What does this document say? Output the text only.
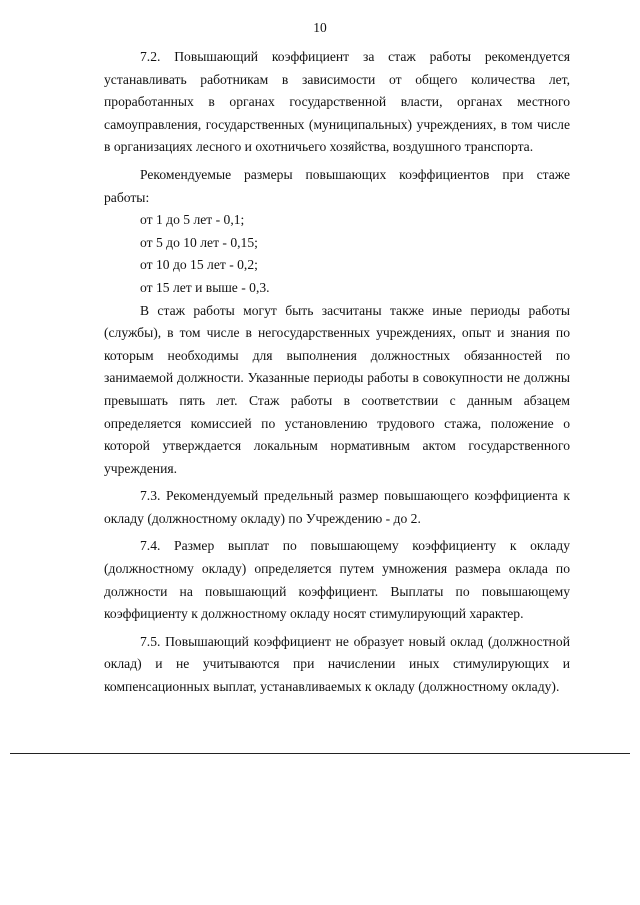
10

7.2. Повышающий коэффициент за стаж работы рекомендуется устанавливать работникам в зависимости от общего количества лет, проработанных в органах государственной власти, органах местного самоуправления, государственных (муниципальных) учреждениях, в том числе в организациях лесного и охотничьего хозяйства, воздушного транспорта.

Рекомендуемые размеры повышающих коэффициентов при стаже работы:

от 1 до 5 лет - 0,1;
от 5 до 10 лет - 0,15;
от 10 до 15 лет - 0,2;
от 15 лет и выше - 0,3.

В стаж работы могут быть засчитаны также иные периоды работы (службы), в том числе в негосударственных учреждениях, опыт и знания по которым необходимы для выполнения должностных обязанностей по занимаемой должности. Указанные периоды работы в совокупности не должны превышать пять лет. Стаж работы в соответствии с данным абзацем определяется комиссией по установлению трудового стажа, положение о которой утверждается локальным нормативным актом государственного учреждения.

7.3. Рекомендуемый предельный размер повышающего коэффициента к окладу (должностному окладу) по Учреждению - до 2.

7.4. Размер выплат по повышающему коэффициенту к окладу (должностному окладу) определяется путем умножения размера оклада по должности на повышающий коэффициент. Выплаты по повышающему коэффициенту к должностному окладу носят стимулирующий характер.

7.5. Повышающий коэффициент не образует новый оклад (должностной оклад) и не учитываются при начислении иных стимулирующих и компенсационных выплат, устанавливаемых к окладу (должностному окладу).
